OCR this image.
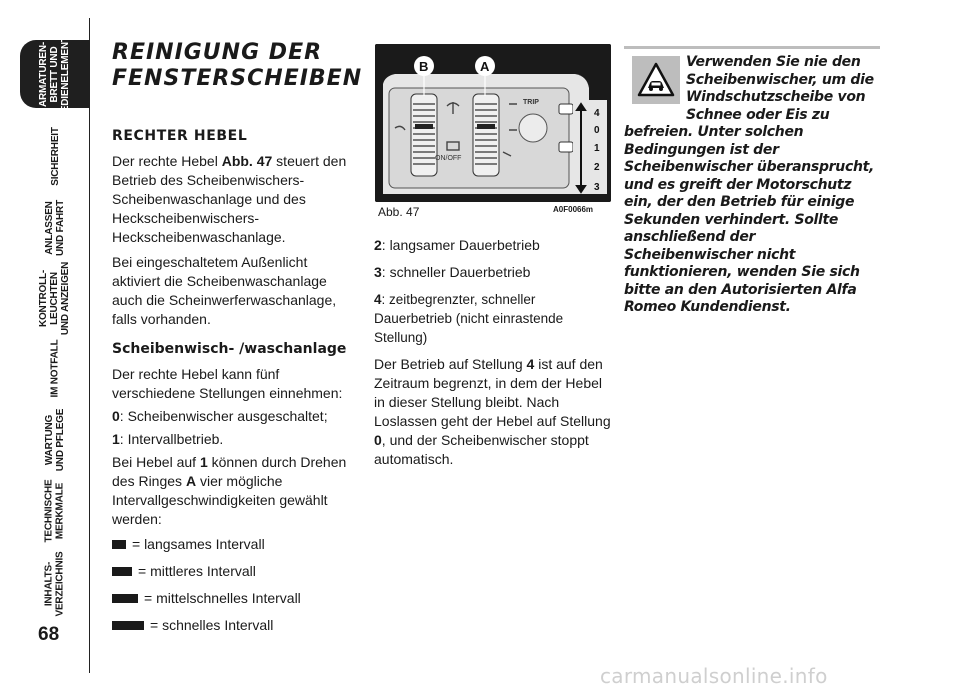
ARMATUREN- BRETT UND BEDIENELEMENTE
SICHERHEIT
ANLASSEN UND FAHRT
KONTROLL- LEUCHTEN UND ANZEIGEN
IM NOTFALL
WARTUNG UND PFLEGE
TECHNISCHE MERKMALE
INHALTS- VERZEICHNIS
68
REINIGUNG DER
FENSTERSCHEIBEN
RECHTER HEBEL

Der rechte Hebel Abb. 47 steuert den Betrieb des Scheibenwischers-Scheibenwaschanlage und des Heckscheibenwischers-Heckscheibenwaschanlage.

Bei eingeschaltetem Außenlicht aktiviert die Scheibenwaschanlage auch die Scheinwerferwaschanlage, falls vorhanden.

Scheibenwisch- /waschanlage

Der rechte Hebel kann fünf verschiedene Stellungen einnehmen:

0: Scheibenwischer ausgeschaltet;

1: Intervallbetrieb.

Bei Hebel auf 1 können durch Drehen des Ringes A vier mögliche Intervallgeschwindigkeiten gewählt werden:

= langsames Intervall
= mittleres Intervall
= mittelschnelles Intervall
= schnelles Intervall
ON/OFF
TRIP
4
0
1
2
3
B	A
Abb. 47	A0F0066m

2: langsamer Dauerbetrieb

3: schneller Dauerbetrieb

4: zeitbegrenzter, schneller Dauerbetrieb (nicht einrastende Stellung)

Der Betrieb auf Stellung 4 ist auf den Zeitraum begrenzt, in dem der Hebel in dieser Stellung bleibt. Nach Loslassen geht der Hebel auf Stellung 0, und der Scheibenwischer stoppt automatisch.

Verwenden Sie nie den Scheibenwischer, um die Windschutzscheibe von Schnee oder Eis zu befreien. Unter solchen Bedingungen ist der Scheibenwischer überansprucht, und es greift der Motorschutz ein, der den Betrieb für einige Sekunden verhindert. Sollte anschließend der Scheibenwischer nicht funktionieren, wenden Sie sich bitte an den Autorisierten Alfa Romeo Kundendienst.
carmanualsonline.info
